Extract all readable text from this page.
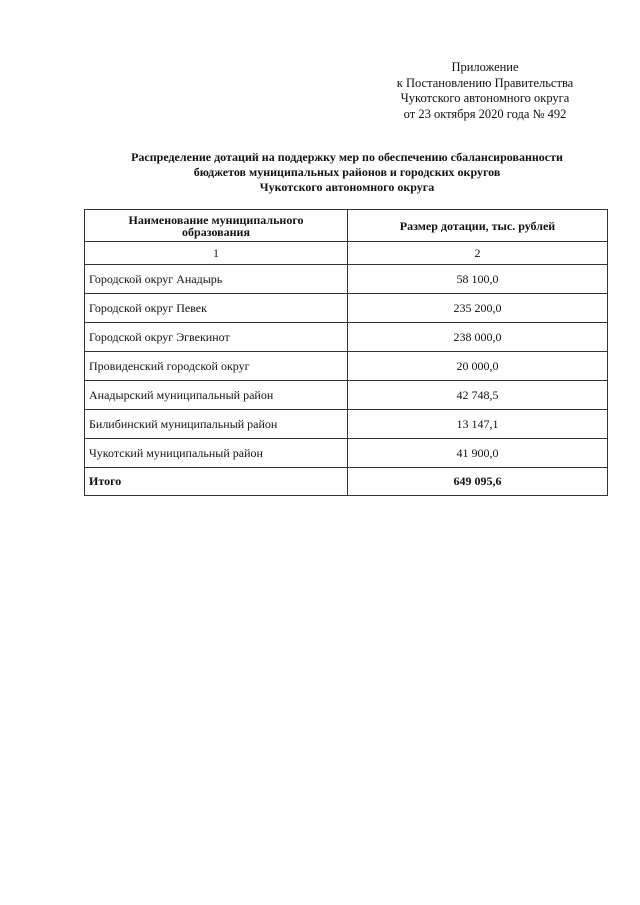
Приложение
к Постановлению Правительства
Чукотского автономного округа
от 23 октября 2020 года № 492
Распределение дотаций на поддержку мер по обеспечению сбалансированности
бюджетов муниципальных районов и городских округов
Чукотского автономного округа
Наименование муниципального
образования	Размер дотации, тыс. рублей
1	2
Городской округ Анадырь	58 100,0
Городской округ Певек	235 200,0
Городской округ Эгвекинот	238 000,0
Провиденский городской округ	20 000,0
Анадырский муниципальный район	42 748,5
Билибинский муниципальный район	13 147,1
Чукотский муниципальный район	41 900,0
Итого	649 095,6
